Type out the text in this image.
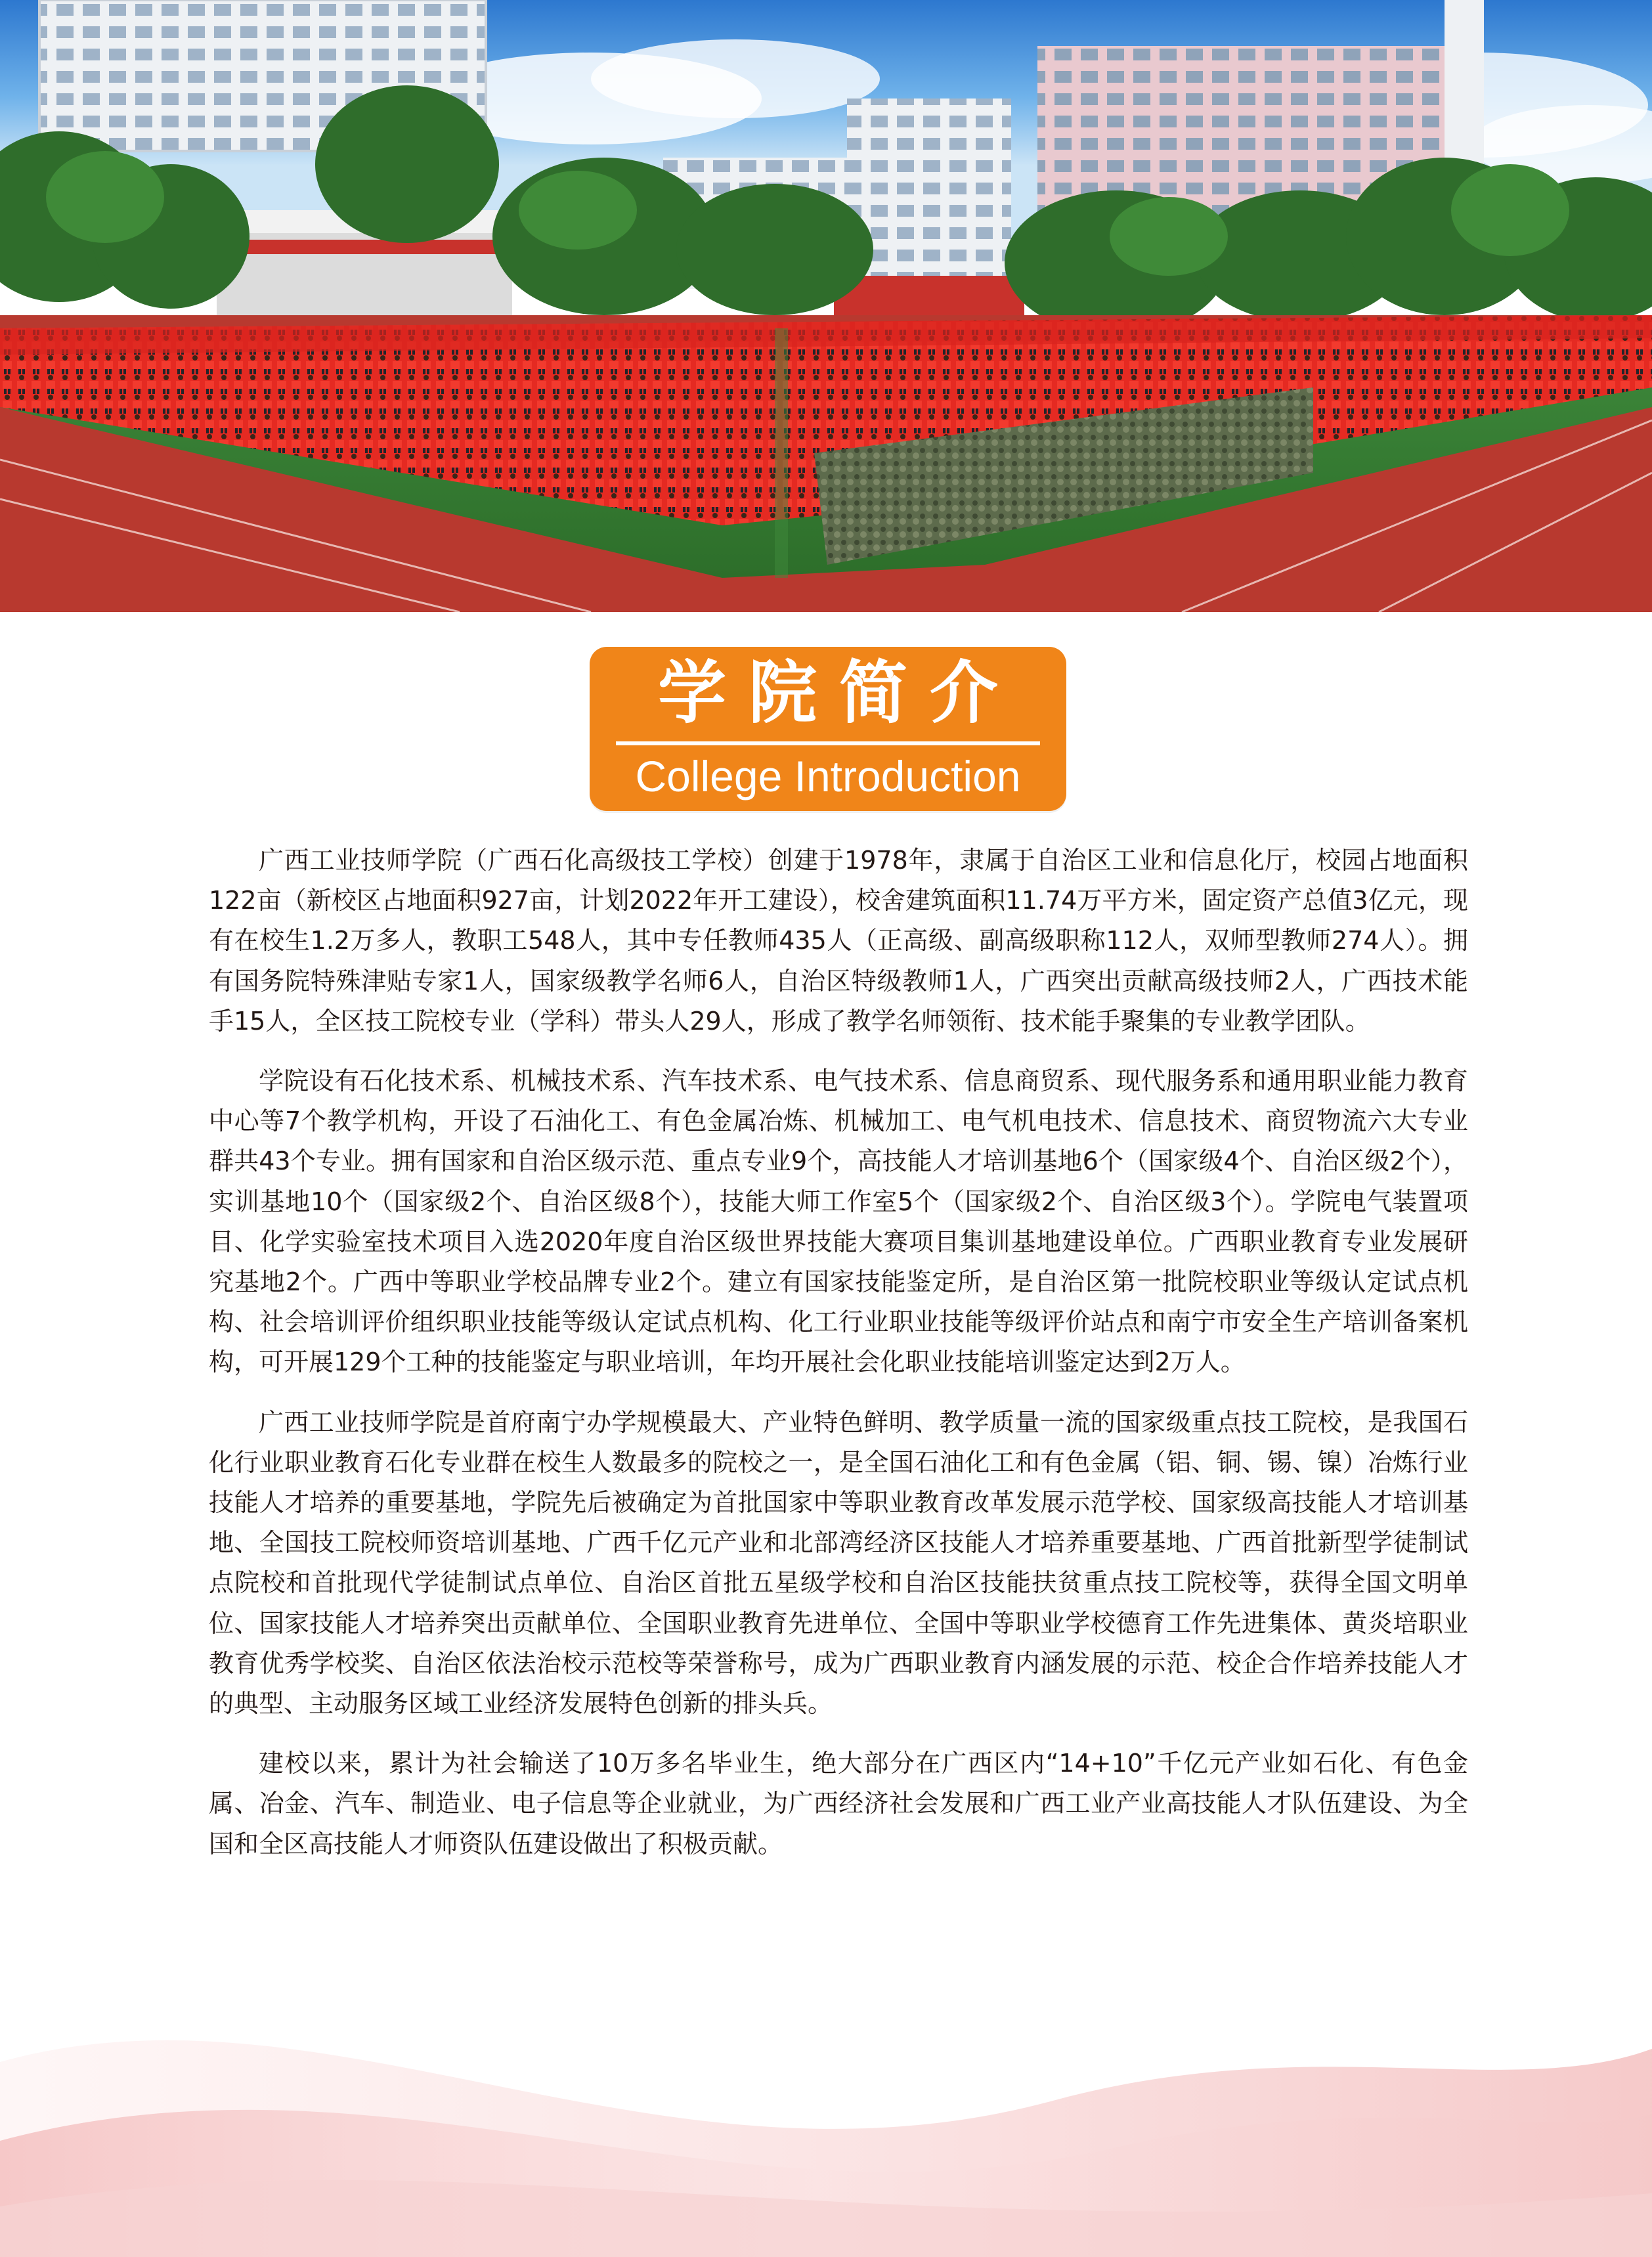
学院简介
College Introduction

广西工业技师学院（广西石化高级技工学校）创建于1978年，隶属于自治区工业和信息化厅，校园占地面积122亩（新校区占地面积927亩，计划2022年开工建设），校舍建筑面积11.74万平方米，固定资产总值3亿元，现有在校生1.2万多人，教职工548人，其中专任教师435人（正高级、副高级职称112人，双师型教师274人）。拥有国务院特殊津贴专家1人，国家级教学名师6人，自治区特级教师1人，广西突出贡献高级技师2人，广西技术能手15人，全区技工院校专业（学科）带头人29人，形成了教学名师领衔、技术能手聚集的专业教学团队。

学院设有石化技术系、机械技术系、汽车技术系、电气技术系、信息商贸系、现代服务系和通用职业能力教育中心等7个教学机构，开设了石油化工、有色金属冶炼、机械加工、电气机电技术、信息技术、商贸物流六大专业群共43个专业。拥有国家和自治区级示范、重点专业9个，高技能人才培训基地6个（国家级4个、自治区级2个），实训基地10个（国家级2个、自治区级8个），技能大师工作室5个（国家级2个、自治区级3个）。学院电气装置项目、化学实验室技术项目入选2020年度自治区级世界技能大赛项目集训基地建设单位。广西职业教育专业发展研究基地2个。广西中等职业学校品牌专业2个。建立有国家技能鉴定所，是自治区第一批院校职业等级认定试点机构、社会培训评价组织职业技能等级认定试点机构、化工行业职业技能等级评价站点和南宁市安全生产培训备案机构，可开展129个工种的技能鉴定与职业培训，年均开展社会化职业技能培训鉴定达到2万人。

广西工业技师学院是首府南宁办学规模最大、产业特色鲜明、教学质量一流的国家级重点技工院校，是我国石化行业职业教育石化专业群在校生人数最多的院校之一，是全国石油化工和有色金属（铝、铜、锡、镍）冶炼行业技能人才培养的重要基地，学院先后被确定为首批国家中等职业教育改革发展示范学校、国家级高技能人才培训基地、全国技工院校师资培训基地、广西千亿元产业和北部湾经济区技能人才培养重要基地、广西首批新型学徒制试点院校和首批现代学徒制试点单位、自治区首批五星级学校和自治区技能扶贫重点技工院校等，获得全国文明单位、国家技能人才培养突出贡献单位、全国职业教育先进单位、全国中等职业学校德育工作先进集体、黄炎培职业教育优秀学校奖、自治区依法治校示范校等荣誉称号，成为广西职业教育内涵发展的示范、校企合作培养技能人才的典型、主动服务区域工业经济发展特色创新的排头兵。

建校以来，累计为社会输送了10万多名毕业生，绝大部分在广西区内“14+10”千亿元产业如石化、有色金属、冶金、汽车、制造业、电子信息等企业就业，为广西经济社会发展和广西工业产业高技能人才队伍建设、为全国和全区高技能人才师资队伍建设做出了积极贡献。
